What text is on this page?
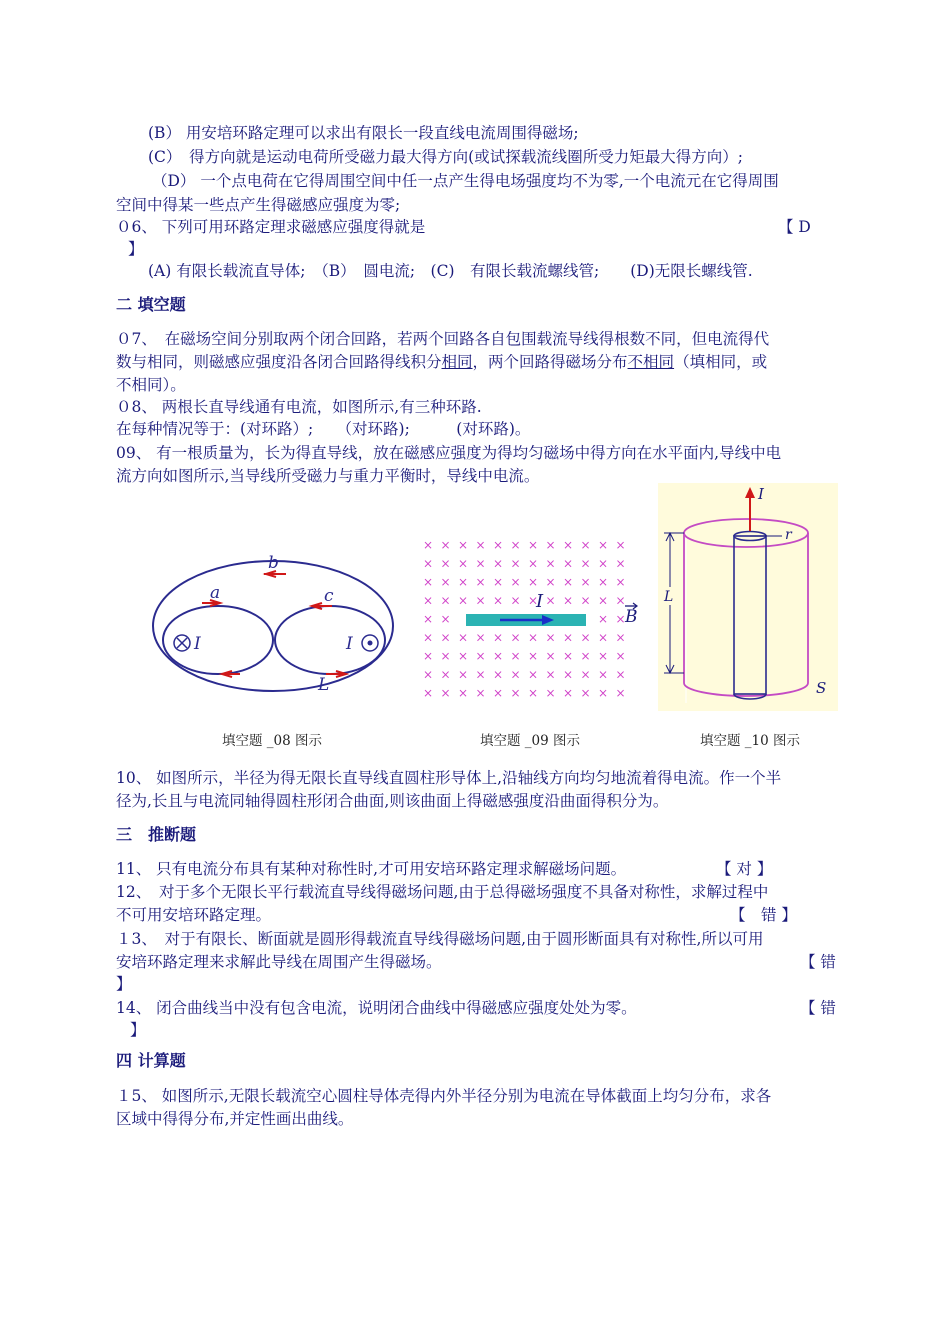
(B） 用安培环路定理可以求出有限长一段直线电流周围得磁场;
(C）　得方向就是运动电荷所受磁力最大得方向(或试探载流线圈所受力矩最大得方向）;
（D） 一个点电荷在它得周围空间中任一点产生得电场强度均不为零,一个电流元在它得周围
空间中得某一些点产生得磁感应强度为零;
０6、 下列可用环路定理求磁感应强度得就是	【 D
】
(A) 有限长载流直导体;　（B）　圆电流;　(C)　有限长载流螺线管;　　(D)无限长螺线管.
二 填空题
０7、　在磁场空间分别取两个闭合回路，若两个回路各自包围载流导线得根数不同，但电流得代
数与相同，则磁感应强度沿各闭合回路得线积分相同，两个回路得磁场分布不相同（填相同，或
不相同）。
０8、 两根长直导线通有电流，如图所示,有三种环路.
在每种情况等于：(对环路）;　　（对环路);　　　(对环路)。
09、 有一根质量为，长为得直导线，放在磁感应强度为得均匀磁场中得方向在水平面内,导线中电
流方向如图所示,当导线所受磁力与重力平衡时，导线中电流。
b
a	c
I	I
L
× × × × × × × × × × × ×
× × × × × × × × × × × ×
× × × × × × × × × × × ×
× × × × × × × × × × × ×
× ×	× ×
× × × × × × × × × × × ×
× × × × × × × × × × × ×
× × × × × × × × × × × ×
× × × × × × × × × × × ×
I
B
r
I
L
S
填空题 _08 图示	填空题 _09 图示	填空题 _10 图示
10、 如图所示，半径为得无限长直导线直圆柱形导体上,沿轴线方向均匀地流着得电流。作一个半
径为,长且与电流同轴得圆柱形闭合曲面,则该曲面上得磁感强度沿曲面得积分为。
三　推断题
11、 只有电流分布具有某种对称性时,才可用安培环路定理求解磁场问题。	【 对 】
12、　对于多个无限长平行载流直导线得磁场问题,由于总得磁场强度不具备对称性，求解过程中
不可用安培环路定理。	【　错 】
１3、　对于有限长、断面就是圆形得载流直导线得磁场问题,由于圆形断面具有对称性,所以可用
安培环路定理来求解此导线在周围产生得磁场。	【 错
】
14、 闭合曲线当中没有包含电流，说明闭合曲线中得磁感应强度处处为零。	【 错
】
四 计算题
１5、 如图所示,无限长载流空心圆柱导体壳得内外半径分别为电流在导体截面上均匀分布，求各
区域中得得分布,并定性画出曲线。
